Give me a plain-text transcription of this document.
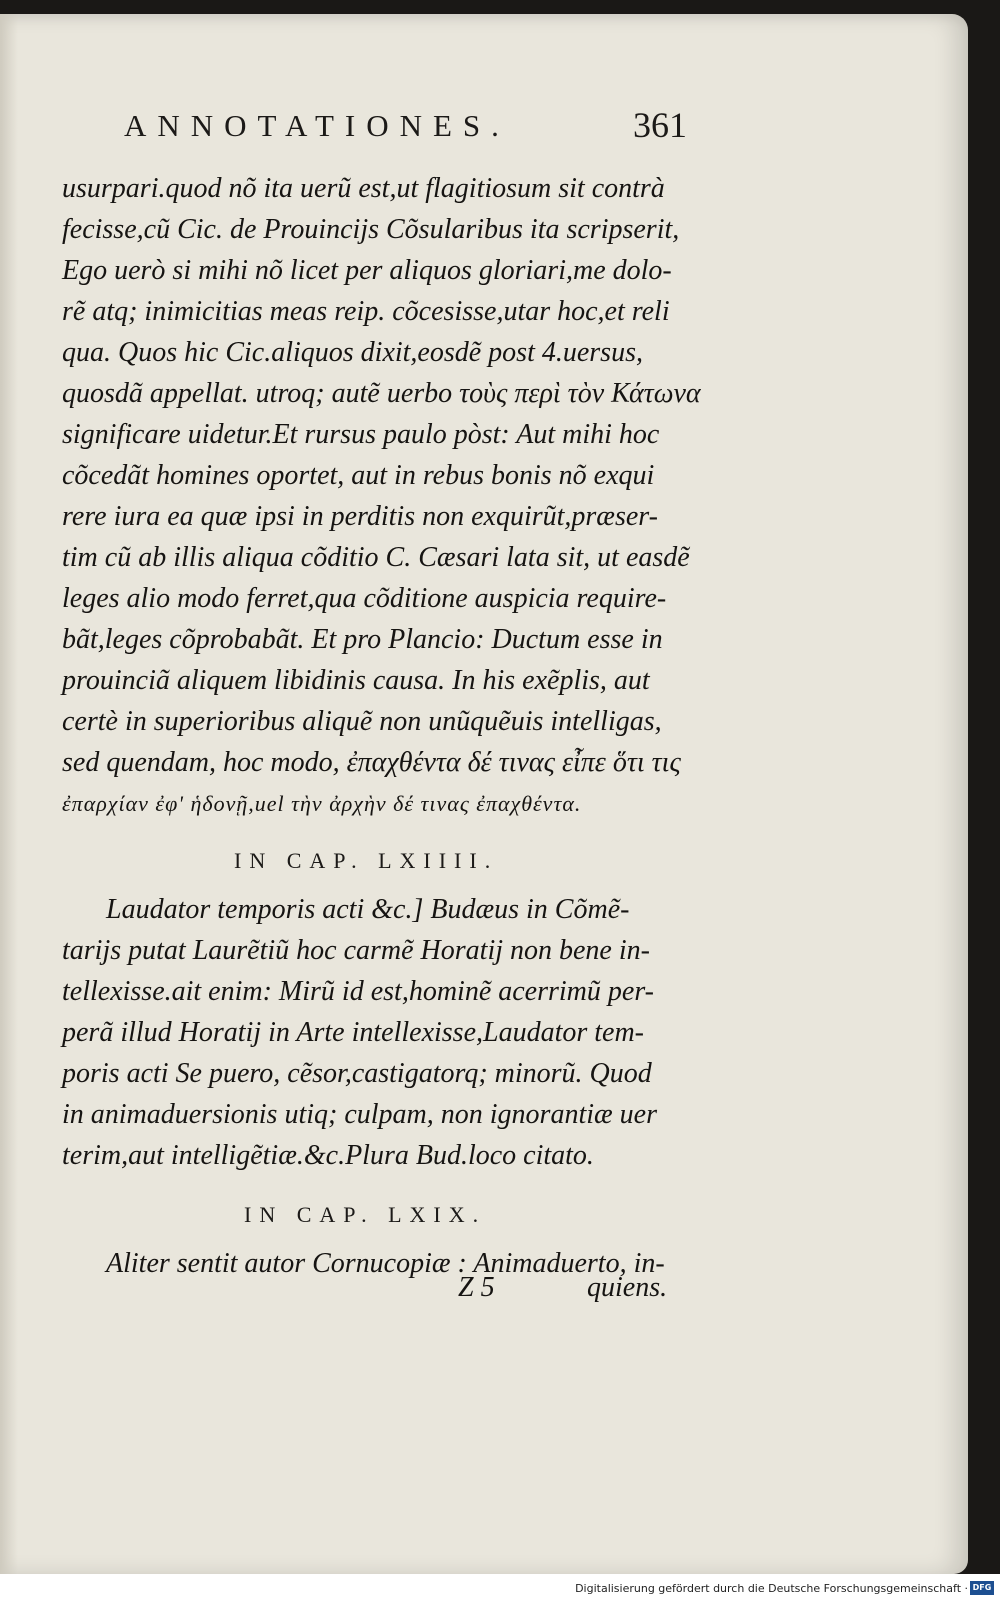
ANNOTATIONES.	361
usurpari.quod nõ ita uerũ est,ut flagitiosum sit contrà
fecisse,cũ Cic. de Prouincijs Cõsularibus ita scripserit,
Ego uerò si mihi nõ licet per aliquos gloriari,me dolo-
rẽ atq; inimicitias meas reip. cõcesisse,utar hoc,et reli
qua. Quos hic Cic.aliquos dixit,eosdẽ post 4.uersus,
quosdã appellat. utroq; autẽ uerbo τοὺς περὶ τὸν Κάτωνα
significare uidetur.Et rursus paulo pòst: Aut mihi hoc
cõcedãt homines oportet, aut in rebus bonis nõ exqui
rere iura ea quæ ipsi in perditis non exquirũt,præser-
tim cũ ab illis aliqua cõditio C. Cæsari lata sit, ut easdẽ
leges alio modo ferret,qua cõditione auspicia require-
bãt,leges cõprobabãt. Et pro Plancio: Ductum esse in
prouinciã aliquem libidinis causa. In his exẽplis, aut
certè in superioribus aliquẽ non unũquẽuis intelligas,
sed quendam, hoc modo, ἐπαχθέντα δέ τινας εἶπε ὅτι τις
ἐπαρχίαν ἐφ' ἡδονῇ,uel τὴν ἀρχὴν δέ τινας ἐπαχθέντα.
IN CAP. LXIIII.
Laudator temporis acti &c.] Budæus in Cõmẽ-
tarijs putat Laurẽtiũ hoc carmẽ Horatij non bene in-
tellexisse.ait enim: Mirũ id est,hominẽ acerrimũ per-
perã illud Horatij in Arte intellexisse,Laudator tem-
poris acti Se puero, cẽsor,castigatorq; minorũ. Quod
in animaduersionis utiq; culpam, non ignorantiæ uer
terim,aut intelligẽtiæ.&c.Plura Bud.loco citato.
IN CAP. LXIX.
Aliter sentit autor Cornucopiæ : Animaduerto, in-
Z 5	quiens.
Digitalisierung gefördert durch die Deutsche Forschungsgemeinschaft · DFG
